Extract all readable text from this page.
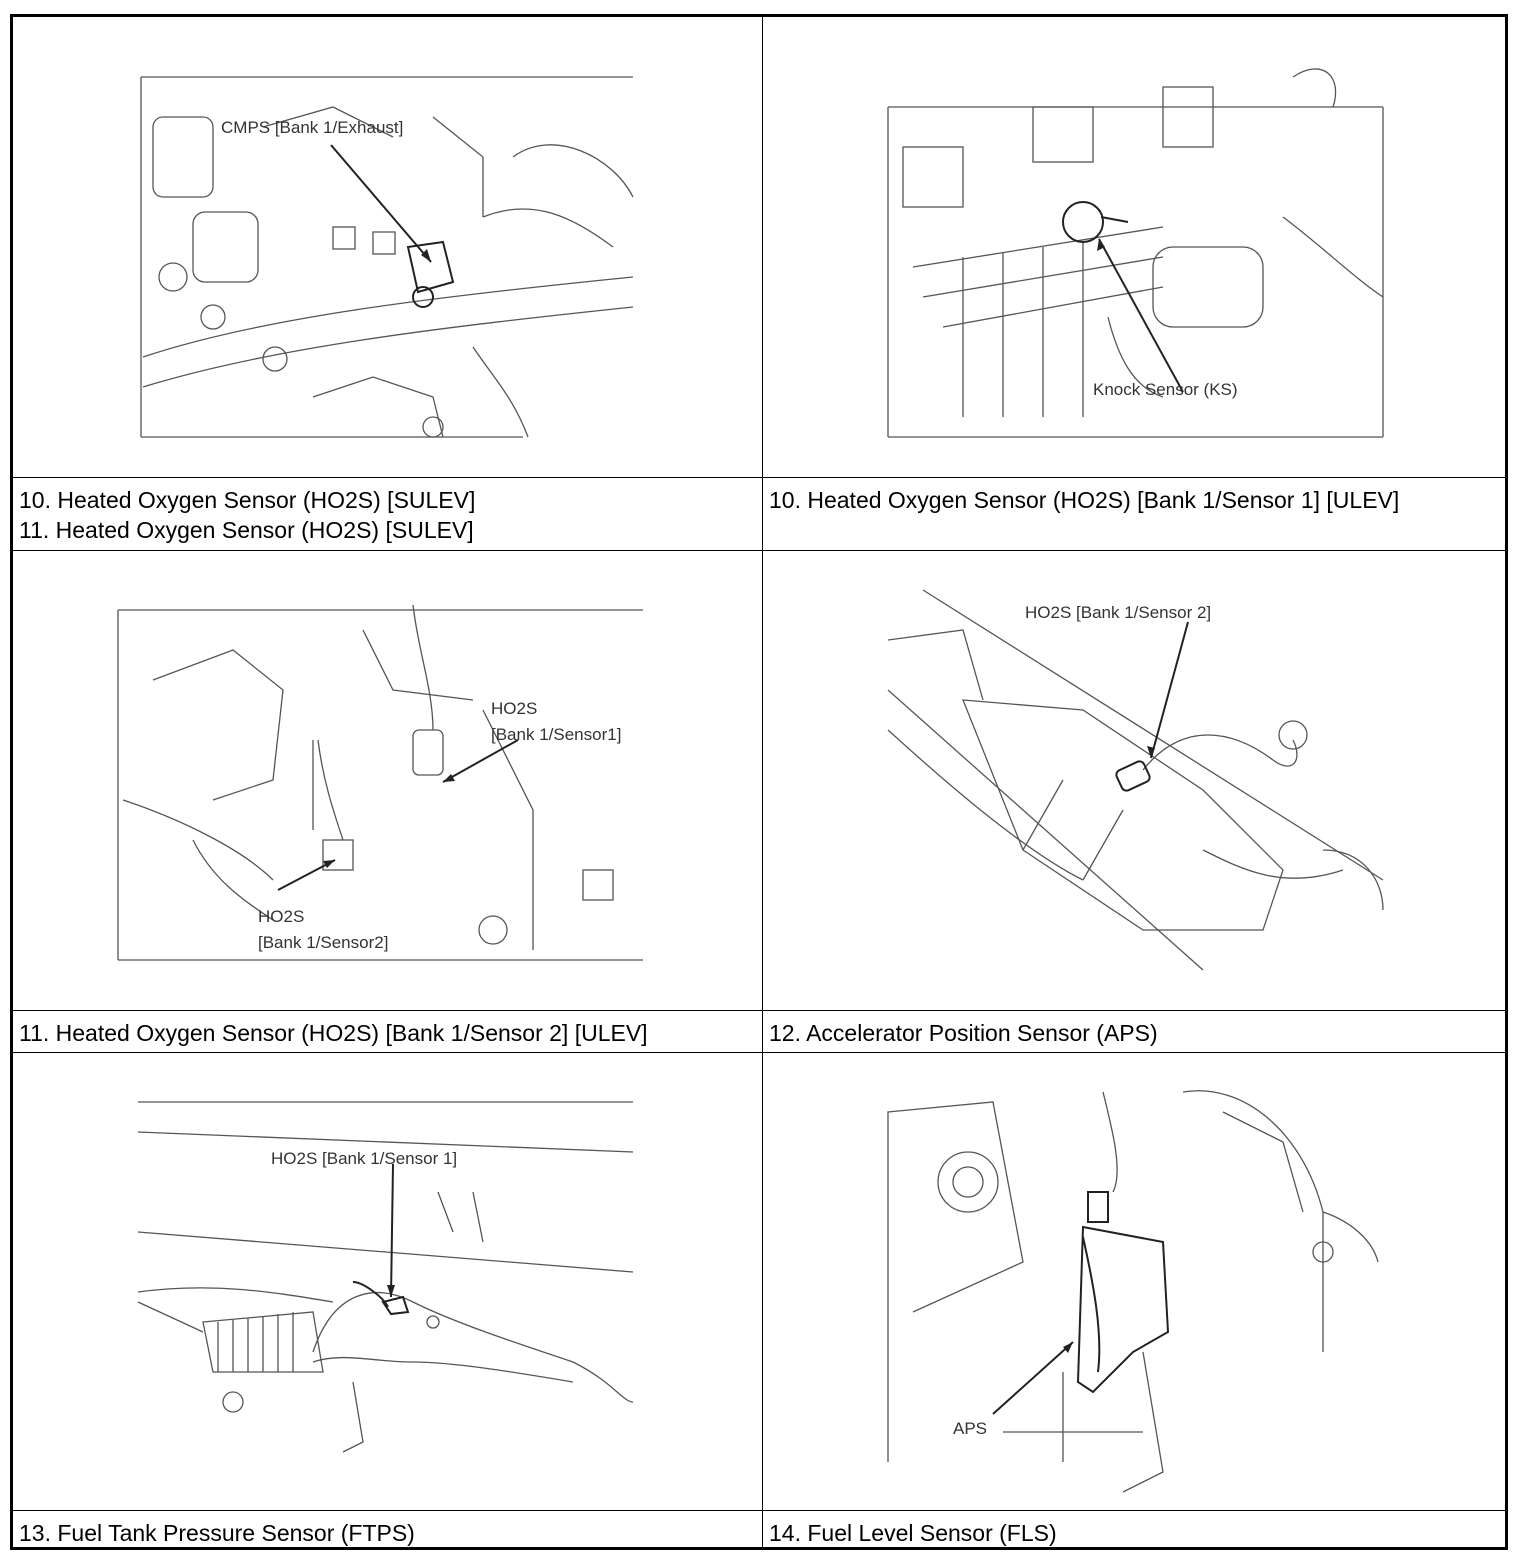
CMPS [Bank 1/Exhaust]
Knock Sensor (KS)
10. Heated Oxygen Sensor (HO2S) [SULEV]
11. Heated Oxygen Sensor (HO2S) [SULEV]
10. Heated Oxygen Sensor (HO2S) [Bank 1/Sensor 1] [ULEV]
HO2S
[Bank 1/Sensor1]
HO2S
[Bank 1/Sensor2]
HO2S [Bank 1/Sensor 2]
11. Heated Oxygen Sensor (HO2S) [Bank 1/Sensor 2] [ULEV]	12. Accelerator Position Sensor (APS)
HO2S [Bank 1/Sensor 1]
APS
13. Fuel Tank Pressure Sensor (FTPS)	14. Fuel Level Sensor (FLS)
